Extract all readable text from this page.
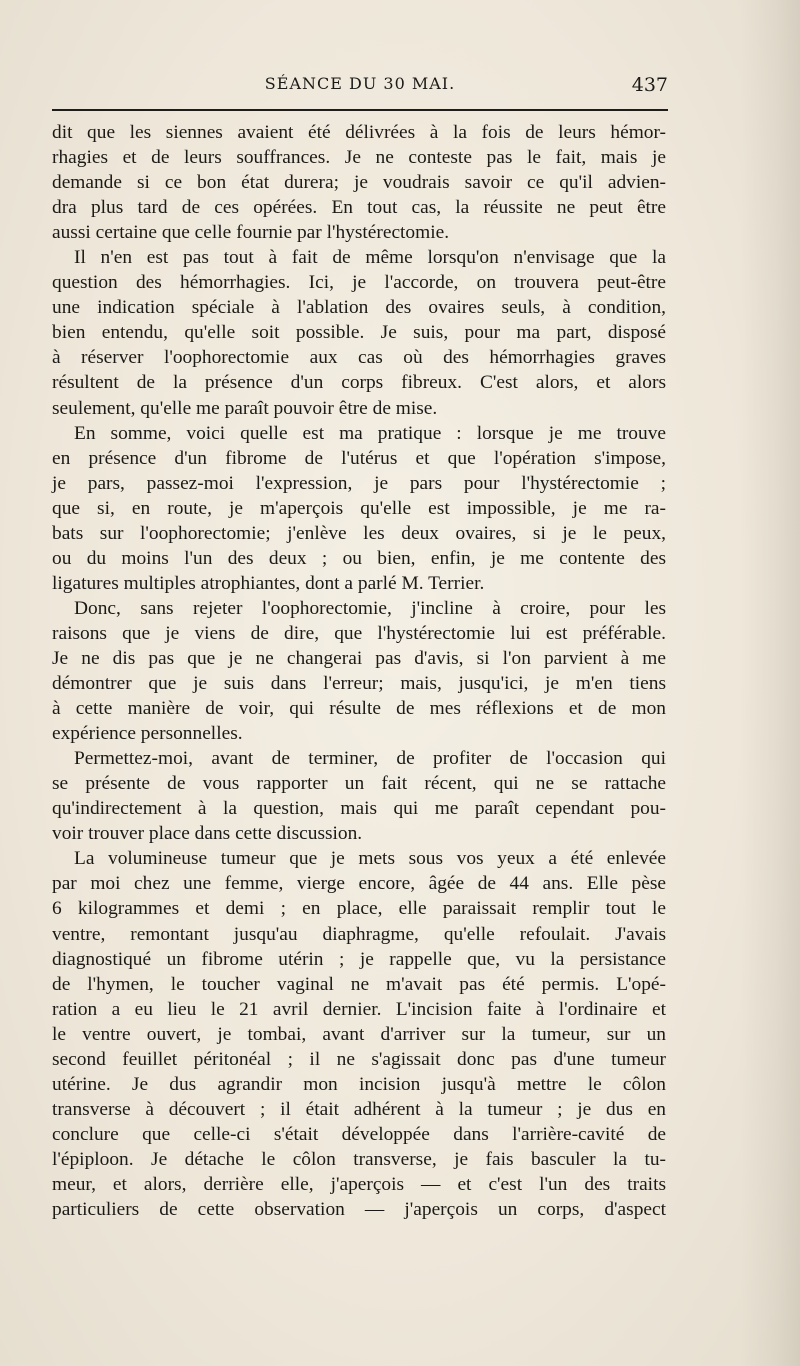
SÉANCE DU 30 MAI.	437
dit que les siennes avaient été délivrées à la fois de leurs hémor-
rhagies et de leurs souffrances. Je ne conteste pas le fait, mais je
demande si ce bon état durera; je voudrais savoir ce qu'il advien-
dra plus tard de ces opérées. En tout cas, la réussite ne peut être
aussi certaine que celle fournie par l'hystérectomie.
Il n'en est pas tout à fait de même lorsqu'on n'envisage que la
question des hémorrhagies. Ici, je l'accorde, on trouvera peut-être
une indication spéciale à l'ablation des ovaires seuls, à condition,
bien entendu, qu'elle soit possible. Je suis, pour ma part, disposé
à réserver l'oophorectomie aux cas où des hémorrhagies graves
résultent de la présence d'un corps fibreux. C'est alors, et alors
seulement, qu'elle me paraît pouvoir être de mise.
En somme, voici quelle est ma pratique : lorsque je me trouve
en présence d'un fibrome de l'utérus et que l'opération s'impose,
je pars, passez-moi l'expression, je pars pour l'hystérectomie ;
que si, en route, je m'aperçois qu'elle est impossible, je me ra-
bats sur l'oophorectomie; j'enlève les deux ovaires, si je le peux,
ou du moins l'un des deux ; ou bien, enfin, je me contente des
ligatures multiples atrophiantes, dont a parlé M. Terrier.
Donc, sans rejeter l'oophorectomie, j'incline à croire, pour les
raisons que je viens de dire, que l'hystérectomie lui est préférable.
Je ne dis pas que je ne changerai pas d'avis, si l'on parvient à me
démontrer que je suis dans l'erreur; mais, jusqu'ici, je m'en tiens
à cette manière de voir, qui résulte de mes réflexions et de mon
expérience personnelles.
Permettez-moi, avant de terminer, de profiter de l'occasion qui
se présente de vous rapporter un fait récent, qui ne se rattache
qu'indirectement à la question, mais qui me paraît cependant pou-
voir trouver place dans cette discussion.
La volumineuse tumeur que je mets sous vos yeux a été enlevée
par moi chez une femme, vierge encore, âgée de 44 ans. Elle pèse
6 kilogrammes et demi ; en place, elle paraissait remplir tout le
ventre, remontant jusqu'au diaphragme, qu'elle refoulait. J'avais
diagnostiqué un fibrome utérin ; je rappelle que, vu la persistance
de l'hymen, le toucher vaginal ne m'avait pas été permis. L'opé-
ration a eu lieu le 21 avril dernier. L'incision faite à l'ordinaire et
le ventre ouvert, je tombai, avant d'arriver sur la tumeur, sur un
second feuillet péritonéal ; il ne s'agissait donc pas d'une tumeur
utérine. Je dus agrandir mon incision jusqu'à mettre le côlon
transverse à découvert ; il était adhérent à la tumeur ; je dus en
conclure que celle-ci s'était développée dans l'arrière-cavité de
l'épiploon. Je détache le côlon transverse, je fais basculer la tu-
meur, et alors, derrière elle, j'aperçois — et c'est l'un des traits
particuliers de cette observation — j'aperçois un corps, d'aspect
